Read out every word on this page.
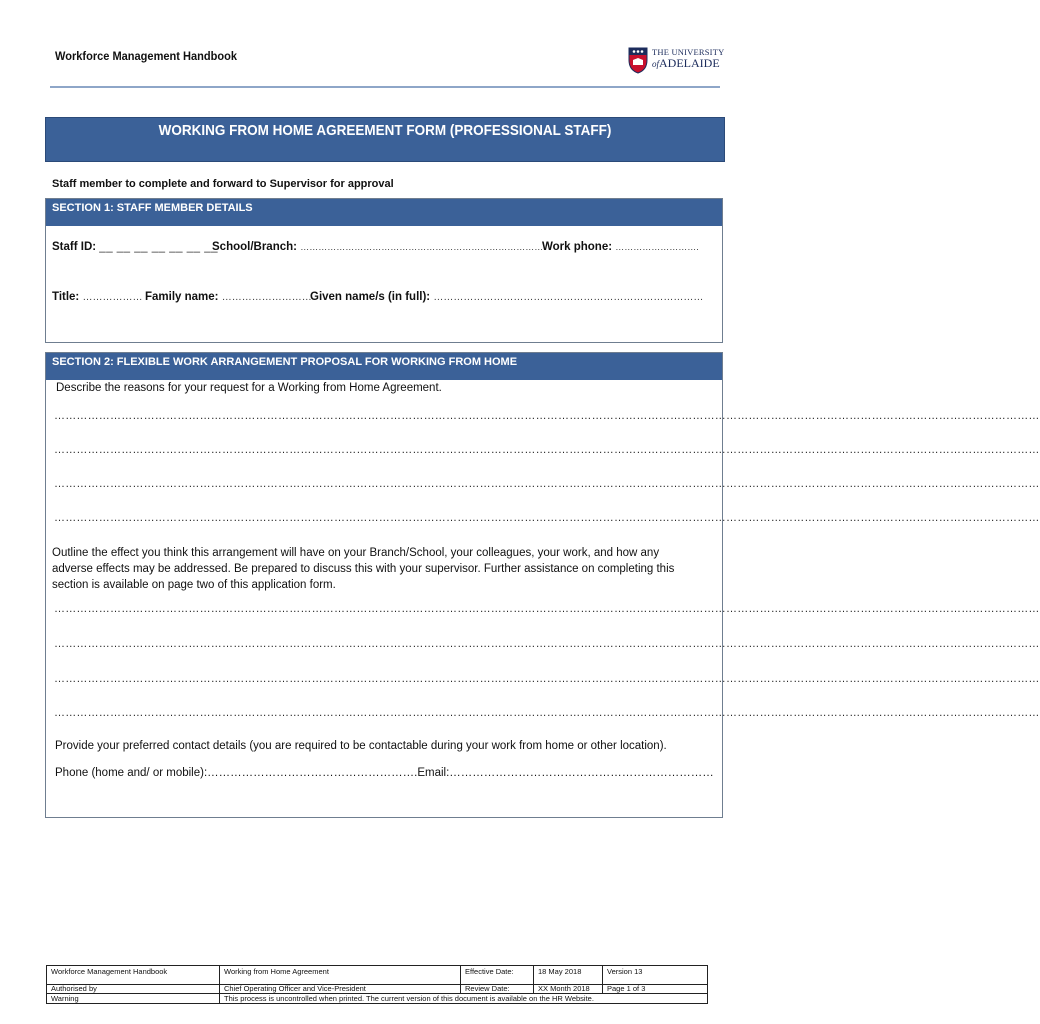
Workforce Management Handbook	THE UNIVERSITY
ofADELAIDE
WORKING FROM HOME AGREEMENT FORM (PROFESSIONAL STAFF)
Staff member to complete and forward to Supervisor for approval
SECTION 1: STAFF MEMBER DETAILS
Staff ID: __ __ __ __ __ __ __
School/Branch: ………………………………………………………………………
Work phone: ……………………….
Title: ……………… Family name: ………………………
Given name/s (in full): ………………………………………………………………………
SECTION 2: FLEXIBLE WORK ARRANGEMENT PROPOSAL FOR WORKING FROM HOME
Describe the reasons for your request for a Working from Home Agreement.
…………………………………………………………………………………………………………………………………………………………………………………………………………………………………………
…………………………………………………………………………………………………………………………………………………………………………………………………………………………………………
…………………………………………………………………………………………………………………………………………………………………………………………………………………………………………
…………………………………………………………………………………………………………………………………………………………………………………………………………………………………………
Outline the effect you think this arrangement will have on your Branch/School, your colleagues, your work, and how any adverse effects may be addressed. Be prepared to discuss this with your supervisor. Further assistance on completing this section is available on page two of this application form.
…………………………………………………………………………………………………………………………………………………………………………………………………………………………………………
…………………………………………………………………………………………………………………………………………………………………………………………………………………………………………
…………………………………………………………………………………………………………………………………………………………………………………………………………………………………………
…………………………………………………………………………………………………………………………………………………………………………………………………………………………………………
Provide your preferred contact details (you are required to be contactable during your work from home or other location).
Phone (home and/ or mobile):……………………………………………….Email:……………………………………………………………
Workforce Management Handbook	Working from Home Agreement	Effective Date:	18 May 2018	Version 13
Authorised by	Chief Operating Officer and Vice-President	Review Date:	XX Month 2018	Page 1 of 3
Warning	This process is uncontrolled when printed. The current version of this document is available on the HR Website.			
